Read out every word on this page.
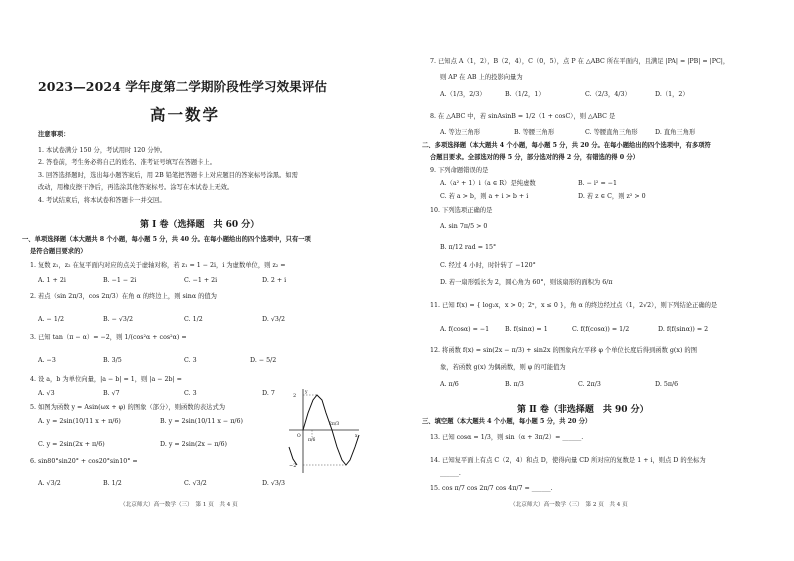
2023—2024 学年度第二学期阶段性学习效果评估
高一数学
注意事项：
1. 本试卷满分 150 分，考试用时 120 分钟。
2. 答卷前，考生务必将自己的姓名、准考证号填写在答题卡上。
3. 回答选择题时，选出每小题答案后，用 2B 铅笔把答题卡上对应题目的答案标号涂黑。如需
改动，用橡皮擦干净后，再选涂其他答案标号。涂写在本试卷上无效。
4. 考试结束后，将本试卷和答题卡一并交回。
第 Ⅰ 卷（选择题　共 60 分）
一、单项选择题（本大题共 8 个小题，每小题 5 分，共 40 分。在每小题给出的四个选项中，只有一项
是符合题目要求的）
1. 复数 z₁，z₂ 在复平面内对应的点关于虚轴对称，若 z₁ = 1 − 2i，i 为虚数单位，则 z₂ =
A. 1 + 2i	B. −1 − 2i	C. −1 + 2i	D. 2 + i
2. 若点（sin 2π/3，cos 2π/3）在角 α 的终边上，则 sinα 的值为
A. − 1/2	B. − √3/2	C. 1/2	D. √3/2
3. 已知 tan（π − α）= −2，则 1/(cos²α + cos²α) =
A. −3	B. 3/5	C. 3	D. − 5/2
4. 设 a，b 为单位向量，|a − b| = 1，则 |a − 2b| =
A. √3	B. √7	C. 3	D. 7
5. 如图为函数 y = Asin(ωx + φ) 的图象（部分），则函数的表达式为
A. y = 2sin(10/11 x + π/6)	B. y = 2sin(10/11 x − π/6)
C. y = 2sin(2x + π/6)	D. y = 2sin(2x − π/6)
2
−2
π/6
2π/3
O	x
y
6. sin80°sin20° + cos20°sin10° =
A. √3/2	B. 1/2	C. √3/2	D. √3/3
（北京师大）高一数学（三）　第 1 页　共 4 页
7. 已知点 A（1，2），B（2，4），C（0，5），点 P 在 △ABC 所在平面内，且满足 |PA| = |PB| = |PC|，
则 AP 在 AB 上的投影向量为
A.（1/3，2/3）	B.（1/2，1）	C.（2/3，4/3）	D.（1，2）
8. 在 △ABC 中，若 sinAsinB = 1/2（1 + cosC），则 △ABC 是
A. 等边三角形	B. 等腰三角形	C. 等腰直角三角形	D. 直角三角形
二、多项选择题（本大题共 4 个小题，每小题 5 分，共 20 分。在每小题给出的四个选项中，有多项符
合题目要求。全部选对的得 5 分，部分选对的得 2 分，有错选的得 0 分）
9. 下列命题错误的是
A.（a² + 1）i（a ∈ R）是纯虚数	B. − i² = −1
C. 若 a > b，则 a + i > b + i	D. 若 z ∈ C，则 z² > 0
10. 下列选项正确的是
A. sin 7π/5 > 0
B. π/12 rad = 15°
C. 经过 4 小时，时针转了 −120°
D. 若一扇形弧长为 2，圆心角为 60°，则该扇形的面积为 6/π
11. 已知 f(x) = { log₂x，x > 0；2ˣ，x ≤ 0 }，角 α 的终边经过点（1，2√2），则下列结论正确的是
A. f(cosα) = −1	B. f(sinα) = 1	C. f(f(cosα)) = 1/2	D. f(f(sinα)) = 2
12. 将函数 f(x) = sin(2x − π/3) + sin2x 的图象向左平移 φ 个单位长度后得到函数 g(x) 的图
象，若函数 g(x) 为偶函数，则 φ 的可能值为
A. π/6	B. π/3	C. 2π/3	D. 5π/6
第 Ⅱ 卷（非选择题　共 90 分）
三、填空题（本大题共 4 个小题，每小题 5 分，共 20 分）
13. 已知 cosα = 1/3，则 sin（α + 3π/2）= ______.
14. 已知复平面上有点 C（2，4）和点 D，使得向量 CD 所对应的复数是 1 + i，则点 D 的坐标为
______.
15. cos π/7 cos 2π/7 cos 4π/7 = ______.
（北京师大）高一数学（三）　第 2 页　共 4 页
